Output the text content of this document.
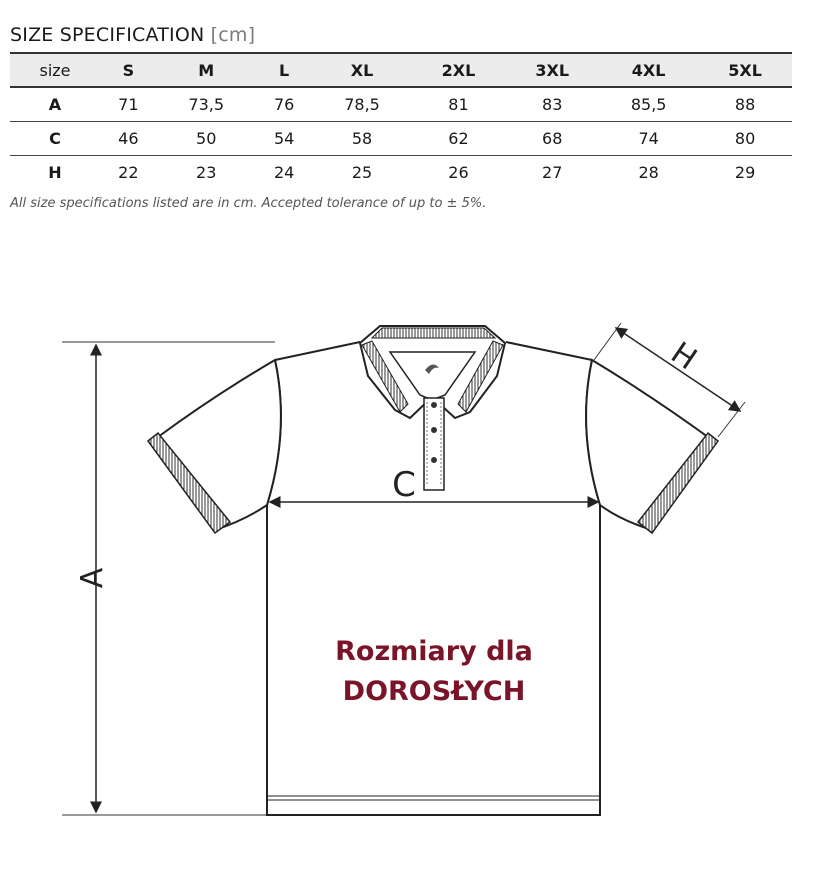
SIZE SPECIFICATION [cm]
size	S	M	L	XL	2XL	3XL	4XL	5XL
A	71	73,5	76	78,5	81	83	85,5	88
C	46	50	54	58	62	68	74	80
H	22	23	24	25	26	27	28	29
All size specifications listed are in cm. Accepted tolerance of up to ± 5%.
A
C
H
Rozmiary dla
DOROSŁYCH
